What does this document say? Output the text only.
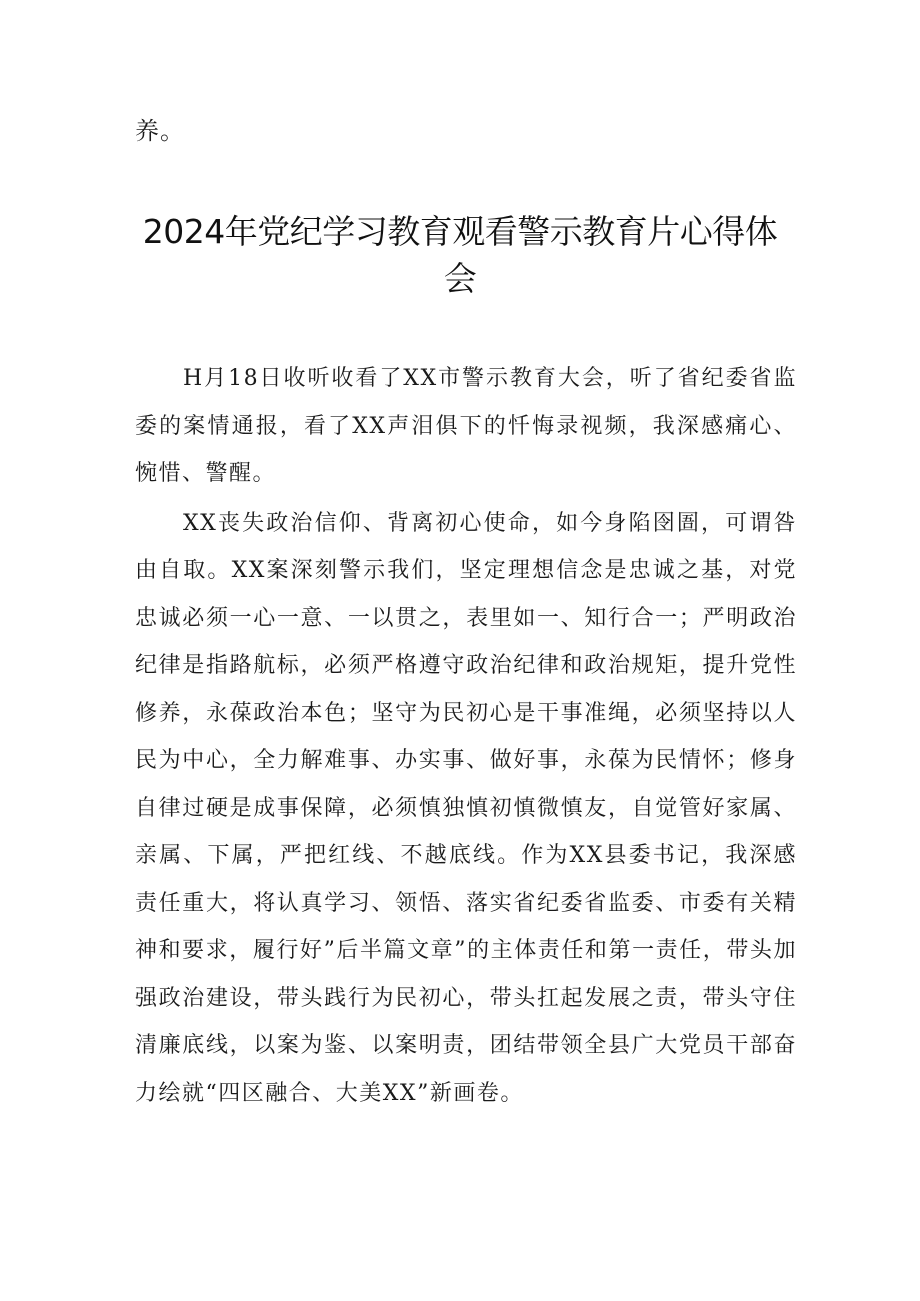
养。
2024年党纪学习教育观看警示教育片心得体会

H月18日收听收看了XX市警示教育大会，听了省纪委省监委的案情通报，看了XX声泪俱下的忏悔录视频，我深感痛心、惋惜、警醒。

XX丧失政治信仰、背离初心使命，如今身陷囹圄，可谓咎由自取。XX案深刻警示我们，坚定理想信念是忠诚之基，对党忠诚必须一心一意、一以贯之，表里如一、知行合一；严明政治纪律是指路航标，必须严格遵守政治纪律和政治规矩，提升党性修养，永葆政治本色；坚守为民初心是干事准绳，必须坚持以人民为中心，全力解难事、办实事、做好事，永葆为民情怀；修身自律过硬是成事保障，必须慎独慎初慎微慎友，自觉管好家属、亲属、下属，严把红线、不越底线。作为XX县委书记，我深感责任重大，将认真学习、领悟、落实省纪委省监委、市委有关精神和要求，履行好”后半篇文章”的主体责任和第一责任，带头加强政治建设，带头践行为民初心，带头扛起发展之责，带头守住清廉底线，以案为鉴、以案明责，团结带领全县广大党员干部奋力绘就“四区融合、大美XX”新画卷。
